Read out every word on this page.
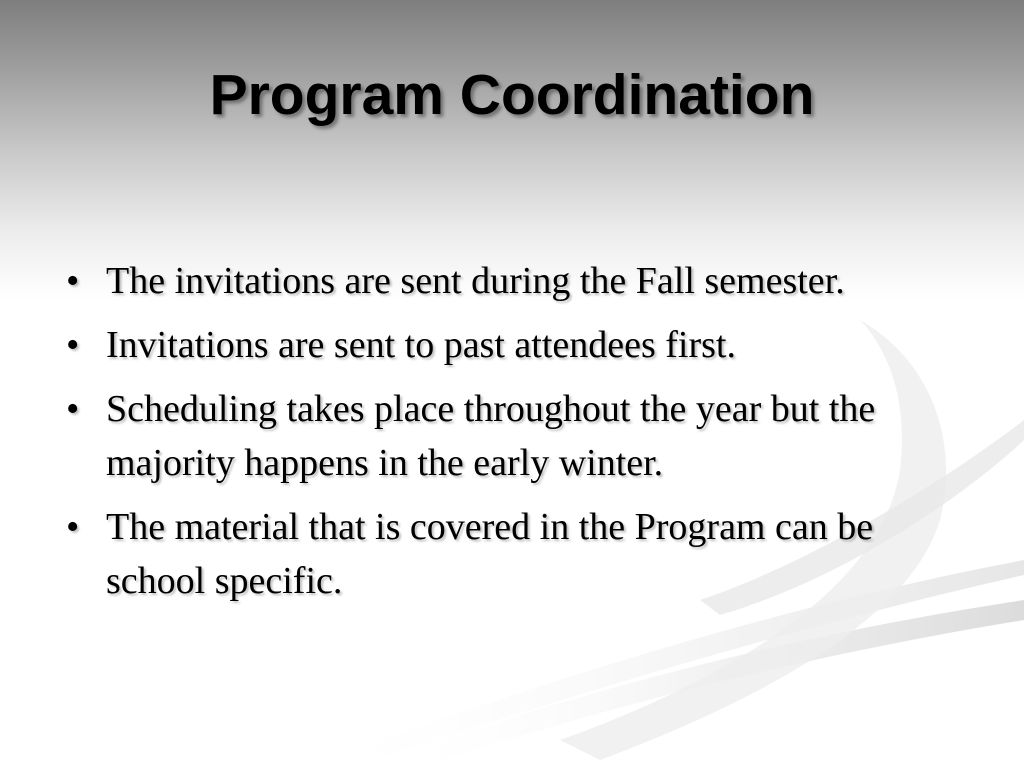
Program Coordination
• The invitations are sent during the Fall semester.
• Invitations are sent to past attendees first.
• Scheduling takes place throughout the year but the majority happens in the early winter.
• The material that is covered in the Program can be school specific.
